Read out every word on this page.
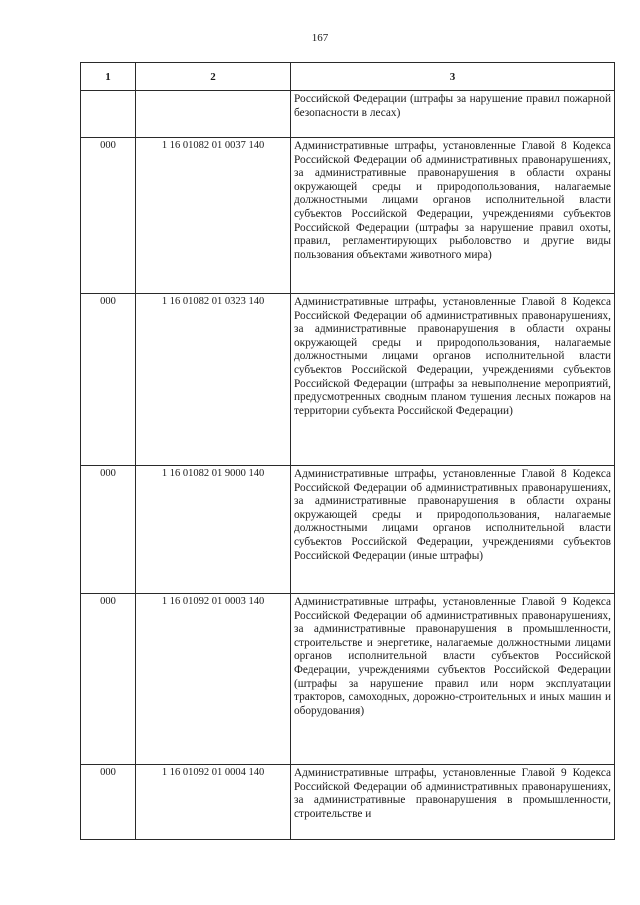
167
1	2	3
		Российской Федерации (штрафы за нарушение правил пожарной безопасности в лесах)
000	1 16 01082 01 0037 140	Административные штрафы, установленные Главой 8 Кодекса Российской Федерации об административных правонарушениях, за административные правонарушения в области охраны окружающей среды и природопользования, налагаемые должностными лицами органов исполнительной власти субъектов Российской Федерации, учреждениями субъектов Российской Федерации (штрафы за нарушение правил охоты, правил, регламентирующих рыболовство и другие виды пользования объектами животного мира)
000	1 16 01082 01 0323 140	Административные штрафы, установленные Главой 8 Кодекса Российской Федерации об административных правонарушениях, за административные правонарушения в области охраны окружающей среды и природопользования, налагаемые должностными лицами органов исполнительной власти субъектов Российской Федерации, учреждениями субъектов Российской Федерации (штрафы за невыполнение мероприятий, предусмотренных сводным планом тушения лесных пожаров на территории субъекта Российской Федерации)
000	1 16 01082 01 9000 140	Административные штрафы, установленные Главой 8 Кодекса Российской Федерации об административных правонарушениях, за административные правонарушения в области охраны окружающей среды и природопользования, налагаемые должностными лицами органов исполнительной власти субъектов Российской Федерации, учреждениями субъектов Российской Федерации (иные штрафы)
000	1 16 01092 01 0003 140	Административные штрафы, установленные Главой 9 Кодекса Российской Федерации об административных правонарушениях, за административные правонарушения в промышленности, строительстве и энергетике, налагаемые должностными лицами органов исполнительной власти субъектов Российской Федерации, учреждениями субъектов Российской Федерации (штрафы за нарушение правил или норм эксплуатации тракторов, самоходных, дорожно-строительных и иных машин и оборудования)
000	1 16 01092 01 0004 140	Административные штрафы, установленные Главой 9 Кодекса Российской Федерации об административных правонарушениях, за административные правонарушения в промышленности, строительстве и
